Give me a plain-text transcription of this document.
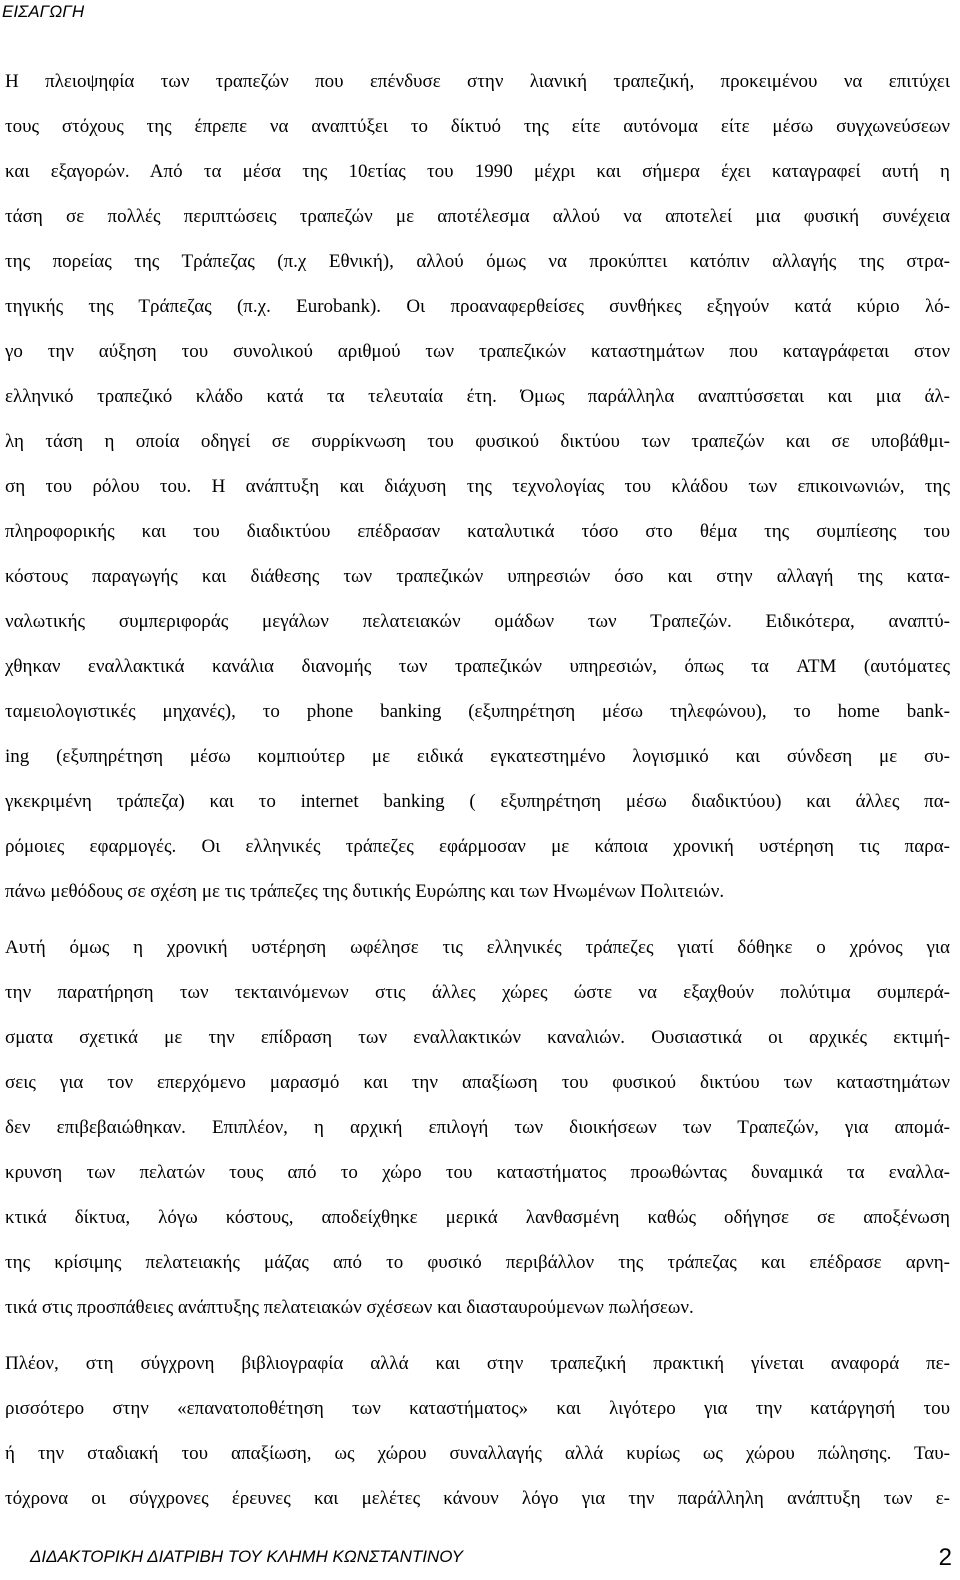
ΕΙΣΑΓΩΓΗ
Η πλειοψηφία των τραπεζών που επένδυσε στην λιανική τραπεζική, προκειμένου να επιτύχει
τους στόχους της έπρεπε να αναπτύξει το δίκτυό της είτε αυτόνομα είτε μέσω συγχωνεύσεων
και εξαγορών. Από τα μέσα της 10ετίας του 1990 μέχρι και σήμερα έχει καταγραφεί αυτή η
τάση σε πολλές περιπτώσεις τραπεζών με αποτέλεσμα αλλού να αποτελεί μια φυσική συνέχεια
της πορείας της Τράπεζας (π.χ Εθνική), αλλού όμως να προκύπτει κατόπιν αλλαγής της στρα-
τηγικής της Τράπεζας (π.χ. Eurobank). Οι προαναφερθείσες συνθήκες εξηγούν κατά κύριο λό-
γο την αύξηση του συνολικού αριθμού των τραπεζικών καταστημάτων που καταγράφεται στον
ελληνικό τραπεζικό κλάδο κατά τα τελευταία έτη. Όμως παράλληλα αναπτύσσεται και μια άλ-
λη τάση η οποία οδηγεί σε συρρίκνωση του φυσικού δικτύου των τραπεζών και σε υποβάθμι-
ση του ρόλου του. Η ανάπτυξη και διάχυση της τεχνολογίας του κλάδου των επικοινωνιών, της
πληροφορικής και του διαδικτύου επέδρασαν καταλυτικά τόσο στο θέμα της συμπίεσης του
κόστους παραγωγής και διάθεσης των τραπεζικών υπηρεσιών όσο και στην αλλαγή της κατα-
ναλωτικής συμπεριφοράς μεγάλων πελατειακών ομάδων των Τραπεζών. Ειδικότερα, αναπτύ-
χθηκαν εναλλακτικά κανάλια διανομής των τραπεζικών υπηρεσιών, όπως τα ATM (αυτόματες
ταμειολογιστικές μηχανές), το phone banking (εξυπηρέτηση μέσω τηλεφώνου), το home bank-
ing (εξυπηρέτηση μέσω κομπιούτερ με ειδικά εγκατεστημένο λογισμικό και σύνδεση με συ-
γκεκριμένη τράπεζα) και το internet banking ( εξυπηρέτηση μέσω διαδικτύου) και άλλες πα-
ρόμοιες εφαρμογές. Οι ελληνικές τράπεζες εφάρμοσαν με κάποια χρονική υστέρηση τις παρα-
πάνω μεθόδους σε σχέση με τις τράπεζες της δυτικής Ευρώπης και των Ηνωμένων Πολιτειών.
Αυτή όμως η χρονική υστέρηση ωφέλησε τις ελληνικές τράπεζες γιατί δόθηκε ο χρόνος για
την παρατήρηση των τεκταινόμενων στις άλλες χώρες ώστε να εξαχθούν πολύτιμα συμπερά-
σματα σχετικά με την επίδραση των εναλλακτικών καναλιών. Ουσιαστικά οι αρχικές εκτιμή-
σεις για τον επερχόμενο μαρασμό και την απαξίωση του φυσικού δικτύου των καταστημάτων
δεν επιβεβαιώθηκαν. Επιπλέον, η αρχική επιλογή των διοικήσεων των Τραπεζών, για απομά-
κρυνση των πελατών τους από το χώρο του καταστήματος προωθώντας δυναμικά τα εναλλα-
κτικά δίκτυα, λόγω κόστους, αποδείχθηκε μερικά λανθασμένη καθώς οδήγησε σε αποξένωση
της κρίσιμης πελατειακής μάζας από το φυσικό περιβάλλον της τράπεζας και επέδρασε αρνη-
τικά στις προσπάθειες ανάπτυξης πελατειακών σχέσεων και διασταυρούμενων πωλήσεων.
Πλέον, στη σύγχρονη βιβλιογραφία αλλά και στην τραπεζική πρακτική γίνεται αναφορά πε-
ρισσότερο στην «επανατοποθέτηση των καταστήματος» και λιγότερο για την κατάργησή του
ή την σταδιακή του απαξίωση, ως χώρου συναλλαγής αλλά κυρίως ως χώρου πώλησης. Ταυ-
τόχρονα οι σύγχρονες έρευνες και μελέτες κάνουν λόγο για την παράλληλη ανάπτυξη των ε-
ΔΙΔΑΚΤΟΡΙΚΗ ΔΙΑΤΡΙΒΗ ΤΟΥ ΚΛΗΜΗ ΚΩΝΣΤΑΝΤΙΝΟΥ	2
